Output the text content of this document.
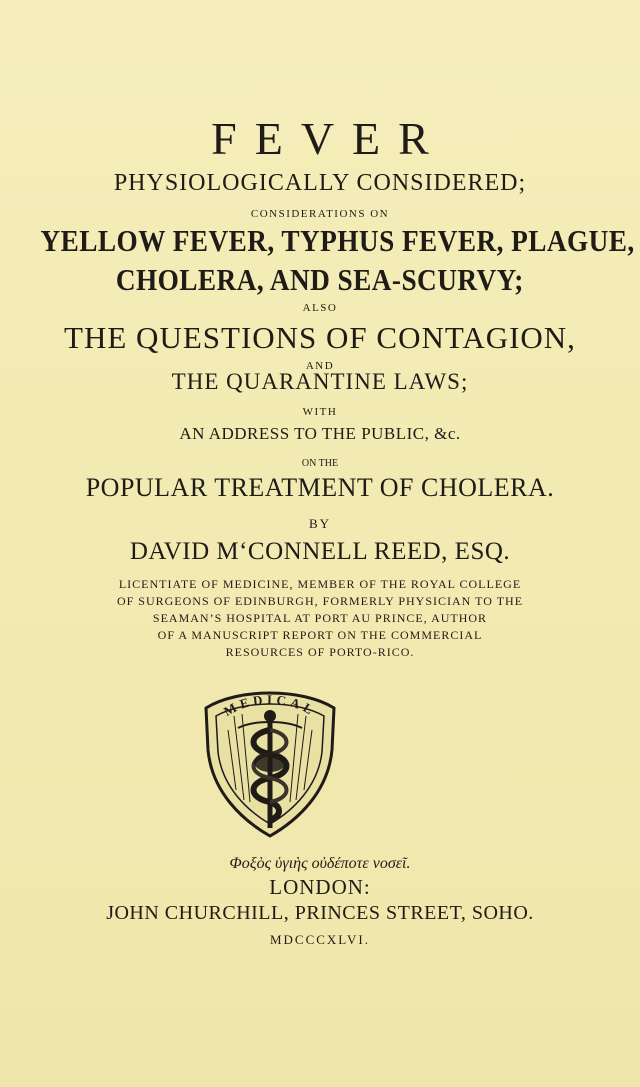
FEVER
PHYSIOLOGICALLY CONSIDERED;
CONSIDERATIONS ON
YELLOW FEVER, TYPHUS FEVER, PLAGUE,
CHOLERA, AND SEA-SCURVY;
ALSO
THE QUESTIONS OF CONTAGION,
AND
THE QUARANTINE LAWS;
WITH
AN ADDRESS TO THE PUBLIC, &c.
ON THE
POPULAR TREATMENT OF CHOLERA.
BY
DAVID M‘CONNELL REED, ESQ.
LICENTIATE OF MEDICINE, MEMBER OF THE ROYAL COLLEGE
OF SURGEONS OF EDINBURGH, FORMERLY PHYSICIAN TO THE
SEAMAN’S HOSPITAL AT PORT AU PRINCE, AUTHOR
OF A MANUSCRIPT REPORT ON THE COMMERCIAL
RESOURCES OF PORTO-RICO.
MEDICAL
Φοξὸς ὑγιὴς οὐδέποτε νοσεῖ.
LONDON:
JOHN CHURCHILL, PRINCES STREET, SOHO.
MDCCCXLVI.
